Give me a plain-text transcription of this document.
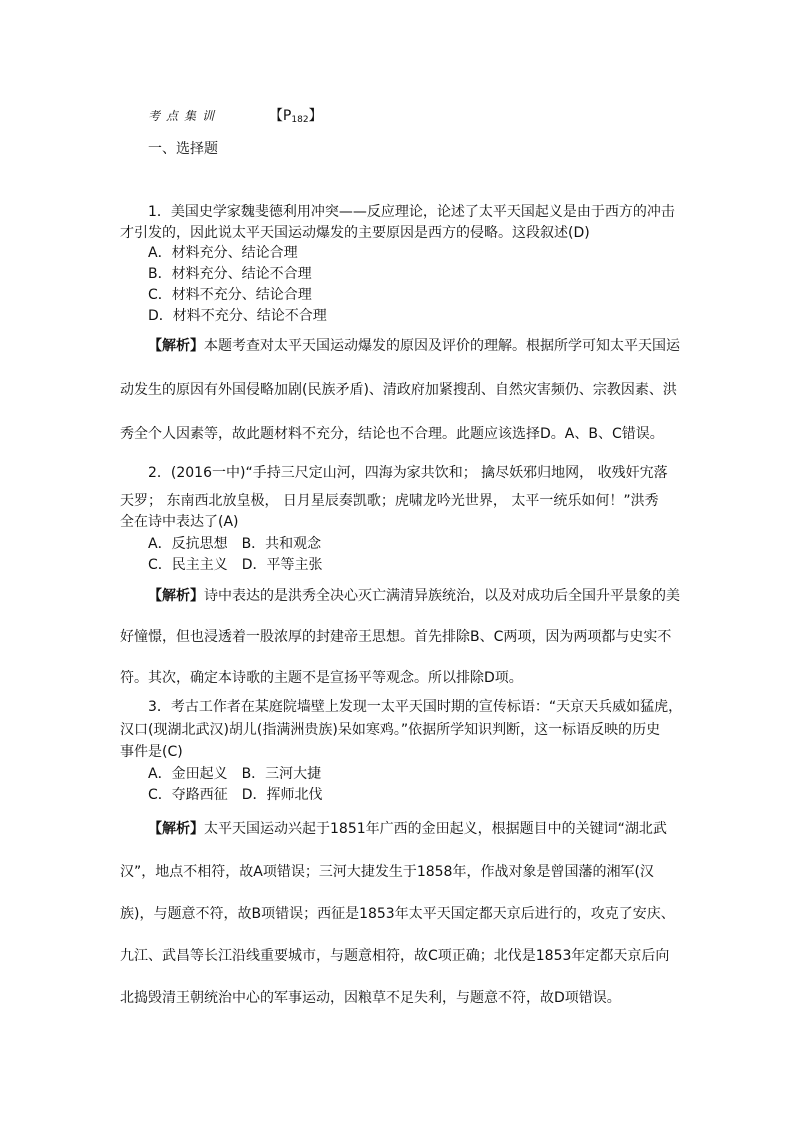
考点集训	【$P_{182}$】
一、选择题
1．美国史学家魏斐德利用冲突——反应理论，论述了太平天国起义是由于西方的冲击
才引发的，因此说太平天国运动爆发的主要原因是西方的侵略。这段叙述(D)
A．材料充分、结论合理
B．材料充分、结论不合理
C．材料不充分、结论合理
D．材料不充分、结论不合理
【解析】本题考查对太平天国运动爆发的原因及评价的理解。根据所学可知太平天国运
动发生的原因有外国侵略加剧(民族矛盾)、清政府加紧搜刮、自然灾害频仍、宗教因素、洪
秀全个人因素等，故此题材料不充分，结论也不合理。此题应该选择D。A、B、C错误。
2．(2016一中)“手持三尺定山河，四海为家共饮和； 擒尽妖邪归地网， 收残奸宄落
天罗； 东南西北放皇极， 日月星辰奏凯歌；虎啸龙吟光世界， 太平一统乐如何！”洪秀
全在诗中表达了(A)
A．反抗思想　B．共和观念
C．民主主义　D．平等主张
【解析】诗中表达的是洪秀全决心灭亡满清异族统治，以及对成功后全国升平景象的美
好憧憬，但也浸透着一股浓厚的封建帝王思想。首先排除B、C两项，因为两项都与史实不
符。其次，确定本诗歌的主题不是宣扬平等观念。所以排除D项。
3．考古工作者在某庭院墙壁上发现一太平天国时期的宣传标语：“天京天兵威如猛虎，
汉口(现湖北武汉)胡儿(指满洲贵族)呆如寒鸡。”依据所学知识判断，这一标语反映的历史
事件是(C)
A．金田起义　B．三河大捷
C．夺路西征　D．挥师北伐
【解析】太平天国运动兴起于1851年广西的金田起义，根据题目中的关键词“湖北武
汉”，地点不相符，故A项错误；三河大捷发生于1858年，作战对象是曾国藩的湘军(汉
族)，与题意不符，故B项错误；西征是1853年太平天国定都天京后进行的，攻克了安庆、
九江、武昌等长江沿线重要城市，与题意相符，故C项正确；北伐是1853年定都天京后向
北捣毁清王朝统治中心的军事运动，因粮草不足失利，与题意不符，故D项错误。
